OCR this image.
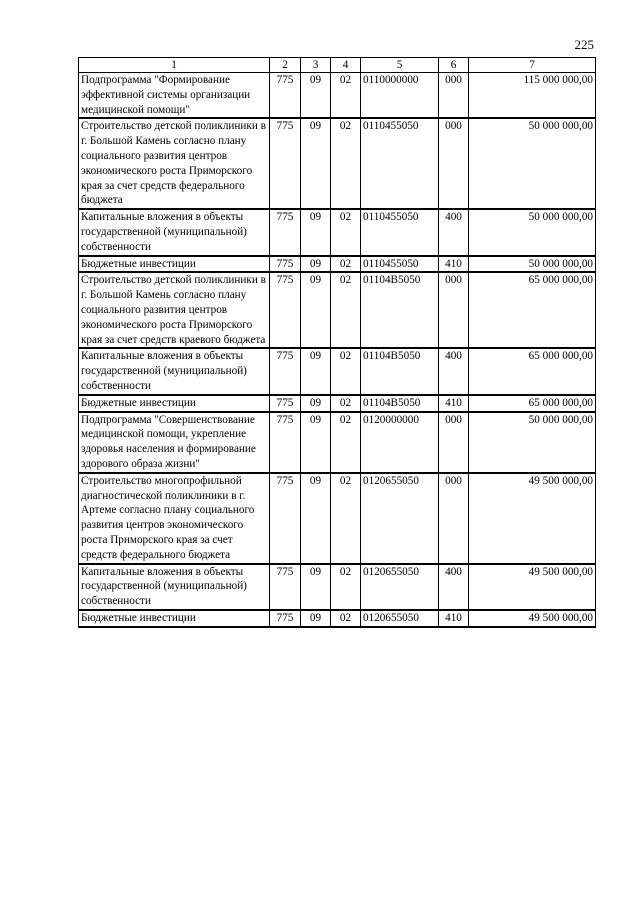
225
1	2	3	4	5	6	7
Подпрограмма "Формирование эффективной системы организации медицинской помощи"	775	09	02	0110000000	000	115 000 000,00
Строительство детской поликлиники в г. Большой Камень согласно плану социального развития центров экономического роста Приморского края за счет средств федерального бюджета	775	09	02	0110455050	000	50 000 000,00
Капитальные вложения в объекты государственной (муниципальной) собственности	775	09	02	0110455050	400	50 000 000,00
Бюджетные инвестиции	775	09	02	0110455050	410	50 000 000,00
Строительство детской поликлиники в г. Большой Камень согласно плану социального развития центров экономического роста Приморского края за счет средств краевого бюджета	775	09	02	01104В5050	000	65 000 000,00
Капитальные вложения в объекты государственной (муниципальной) собственности	775	09	02	01104В5050	400	65 000 000,00
Бюджетные инвестиции	775	09	02	01104В5050	410	65 000 000,00
Подпрограмма "Совершенствование медицинской помощи, укрепление здоровья населения и формирование здорового образа жизни"	775	09	02	0120000000	000	50 000 000,00
Строительство многопрофильной диагностической поликлиники в г. Артеме согласно плану социального развития центров экономического роста Приморского края за счет средств федерального бюджета	775	09	02	0120655050	000	49 500 000,00
Капитальные вложения в объекты государственной (муниципальной) собственности	775	09	02	0120655050	400	49 500 000,00
Бюджетные инвестиции	775	09	02	0120655050	410	49 500 000,00
